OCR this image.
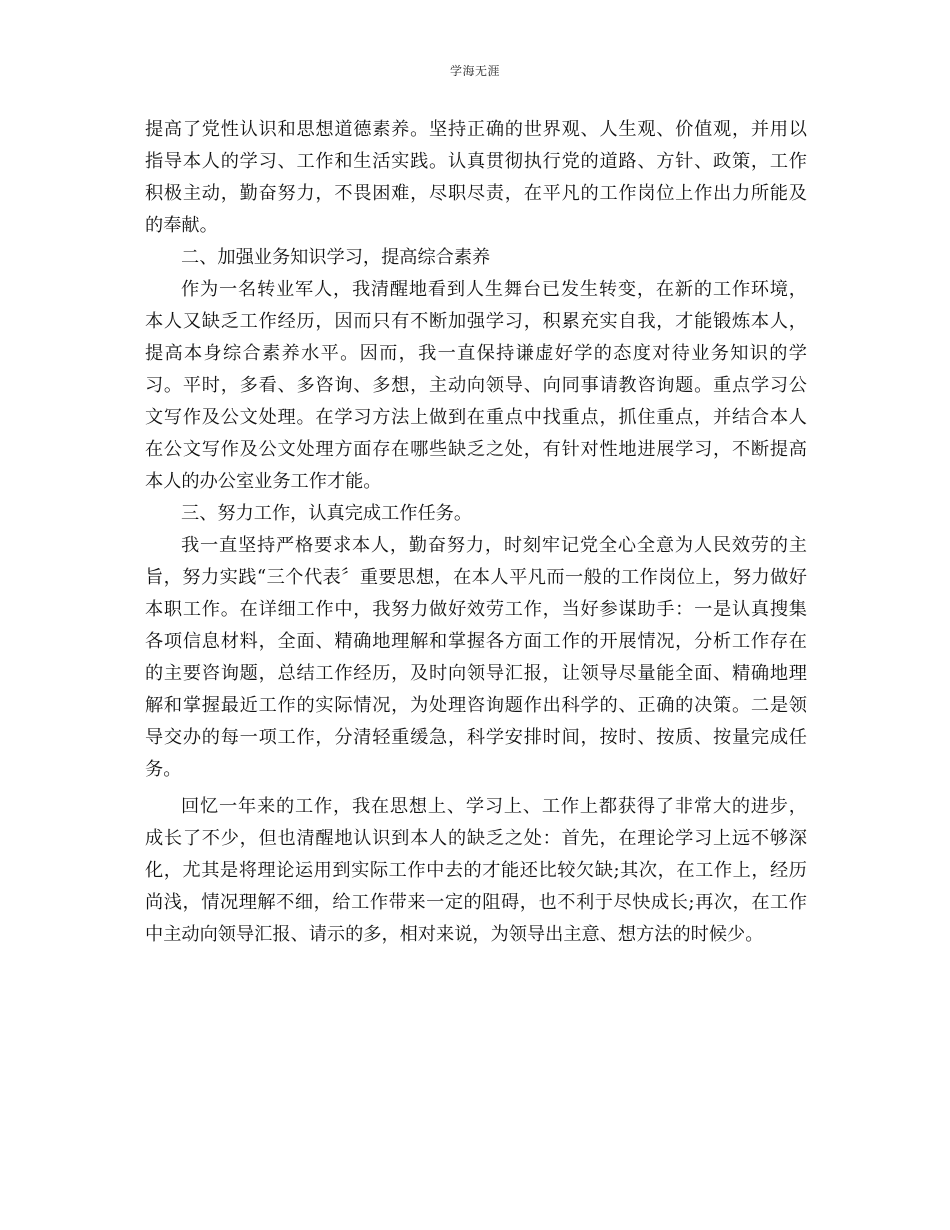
学海无涯
提高了党性认识和思想道德素养。坚持正确的世界观、人生观、价值观，并用以
指导本人的学习、工作和生活实践。认真贯彻执行党的道路、方针、政策，工作
积极主动，勤奋努力，不畏困难，尽职尽责，在平凡的工作岗位上作出力所能及
的奉献。
二、加强业务知识学习，提高综合素养
作为一名转业军人，我清醒地看到人生舞台已发生转变，在新的工作环境，
本人又缺乏工作经历，因而只有不断加强学习，积累充实自我，才能锻炼本人，
提高本身综合素养水平。因而，我一直保持谦虚好学的态度对待业务知识的学
习。平时，多看、多咨询、多想，主动向领导、向同事请教咨询题。重点学习公
文写作及公文处理。在学习方法上做到在重点中找重点，抓住重点，并结合本人
在公文写作及公文处理方面存在哪些缺乏之处，有针对性地进展学习，不断提高
本人的办公室业务工作才能。
三、努力工作，认真完成工作任务。
我一直坚持严格要求本人，勤奋努力，时刻牢记党全心全意为人民效劳的主
旨，努力实践“三个代表〞重要思想，在本人平凡而一般的工作岗位上，努力做好
本职工作。在详细工作中，我努力做好效劳工作，当好参谋助手：一是认真搜集
各项信息材料，全面、精确地理解和掌握各方面工作的开展情况，分析工作存在
的主要咨询题，总结工作经历，及时向领导汇报，让领导尽量能全面、精确地理
解和掌握最近工作的实际情况，为处理咨询题作出科学的、正确的决策。二是领
导交办的每一项工作，分清轻重缓急，科学安排时间，按时、按质、按量完成任
务。
回忆一年来的工作，我在思想上、学习上、工作上都获得了非常大的进步，
成长了不少，但也清醒地认识到本人的缺乏之处：首先，在理论学习上远不够深
化，尤其是将理论运用到实际工作中去的才能还比较欠缺;其次，在工作上，经历
尚浅，情况理解不细，给工作带来一定的阻碍，也不利于尽快成长;再次，在工作
中主动向领导汇报、请示的多，相对来说，为领导出主意、想方法的时候少。
